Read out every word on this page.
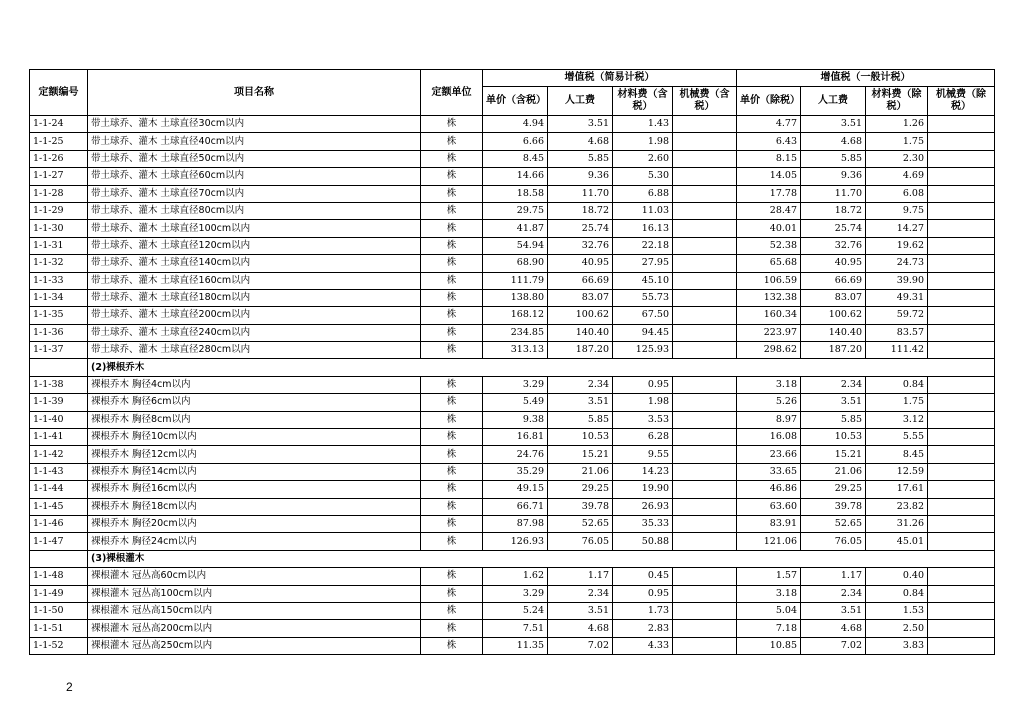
定额编号	项目名称	定额单位	增值税（简易计税）				增值税（一般计税）			
			单价（含税）	人工费	材料费（含税）	机械费（含税）	单价（除税）	人工费	材料费（除税）	机械费（除税）
1-1-24	带土球乔、灌木 土球直径30cm以内	株	4.94	3.51	1.43		4.77	3.51	1.26	
1-1-25	带土球乔、灌木 土球直径40cm以内	株	6.66	4.68	1.98		6.43	4.68	1.75	
1-1-26	带土球乔、灌木 土球直径50cm以内	株	8.45	5.85	2.60		8.15	5.85	2.30	
1-1-27	带土球乔、灌木 土球直径60cm以内	株	14.66	9.36	5.30		14.05	9.36	4.69	
1-1-28	带土球乔、灌木 土球直径70cm以内	株	18.58	11.70	6.88		17.78	11.70	6.08	
1-1-29	带土球乔、灌木 土球直径80cm以内	株	29.75	18.72	11.03		28.47	18.72	9.75	
1-1-30	带土球乔、灌木 土球直径100cm以内	株	41.87	25.74	16.13		40.01	25.74	14.27	
1-1-31	带土球乔、灌木 土球直径120cm以内	株	54.94	32.76	22.18		52.38	32.76	19.62	
1-1-32	带土球乔、灌木 土球直径140cm以内	株	68.90	40.95	27.95		65.68	40.95	24.73	
1-1-33	带土球乔、灌木 土球直径160cm以内	株	111.79	66.69	45.10		106.59	66.69	39.90	
1-1-34	带土球乔、灌木 土球直径180cm以内	株	138.80	83.07	55.73		132.38	83.07	49.31	
1-1-35	带土球乔、灌木 土球直径200cm以内	株	168.12	100.62	67.50		160.34	100.62	59.72	
1-1-36	带土球乔、灌木 土球直径240cm以内	株	234.85	140.40	94.45		223.97	140.40	83.57	
1-1-37	带土球乔、灌木 土球直径280cm以内	株	313.13	187.20	125.93		298.62	187.20	111.42	
	(2)裸根乔木									
1-1-38	裸根乔木 胸径4cm以内	株	3.29	2.34	0.95		3.18	2.34	0.84	
1-1-39	裸根乔木 胸径6cm以内	株	5.49	3.51	1.98		5.26	3.51	1.75	
1-1-40	裸根乔木 胸径8cm以内	株	9.38	5.85	3.53		8.97	5.85	3.12	
1-1-41	裸根乔木 胸径10cm以内	株	16.81	10.53	6.28		16.08	10.53	5.55	
1-1-42	裸根乔木 胸径12cm以内	株	24.76	15.21	9.55		23.66	15.21	8.45	
1-1-43	裸根乔木 胸径14cm以内	株	35.29	21.06	14.23		33.65	21.06	12.59	
1-1-44	裸根乔木 胸径16cm以内	株	49.15	29.25	19.90		46.86	29.25	17.61	
1-1-45	裸根乔木 胸径18cm以内	株	66.71	39.78	26.93		63.60	39.78	23.82	
1-1-46	裸根乔木 胸径20cm以内	株	87.98	52.65	35.33		83.91	52.65	31.26	
1-1-47	裸根乔木 胸径24cm以内	株	126.93	76.05	50.88		121.06	76.05	45.01	
	(3)裸根灌木									
1-1-48	裸根灌木 冠丛高60cm以内	株	1.62	1.17	0.45		1.57	1.17	0.40	
1-1-49	裸根灌木 冠丛高100cm以内	株	3.29	2.34	0.95		3.18	2.34	0.84	
1-1-50	裸根灌木 冠丛高150cm以内	株	5.24	3.51	1.73		5.04	3.51	1.53	
1-1-51	裸根灌木 冠丛高200cm以内	株	7.51	4.68	2.83		7.18	4.68	2.50	
1-1-52	裸根灌木 冠丛高250cm以内	株	11.35	7.02	4.33		10.85	7.02	3.83	
2
